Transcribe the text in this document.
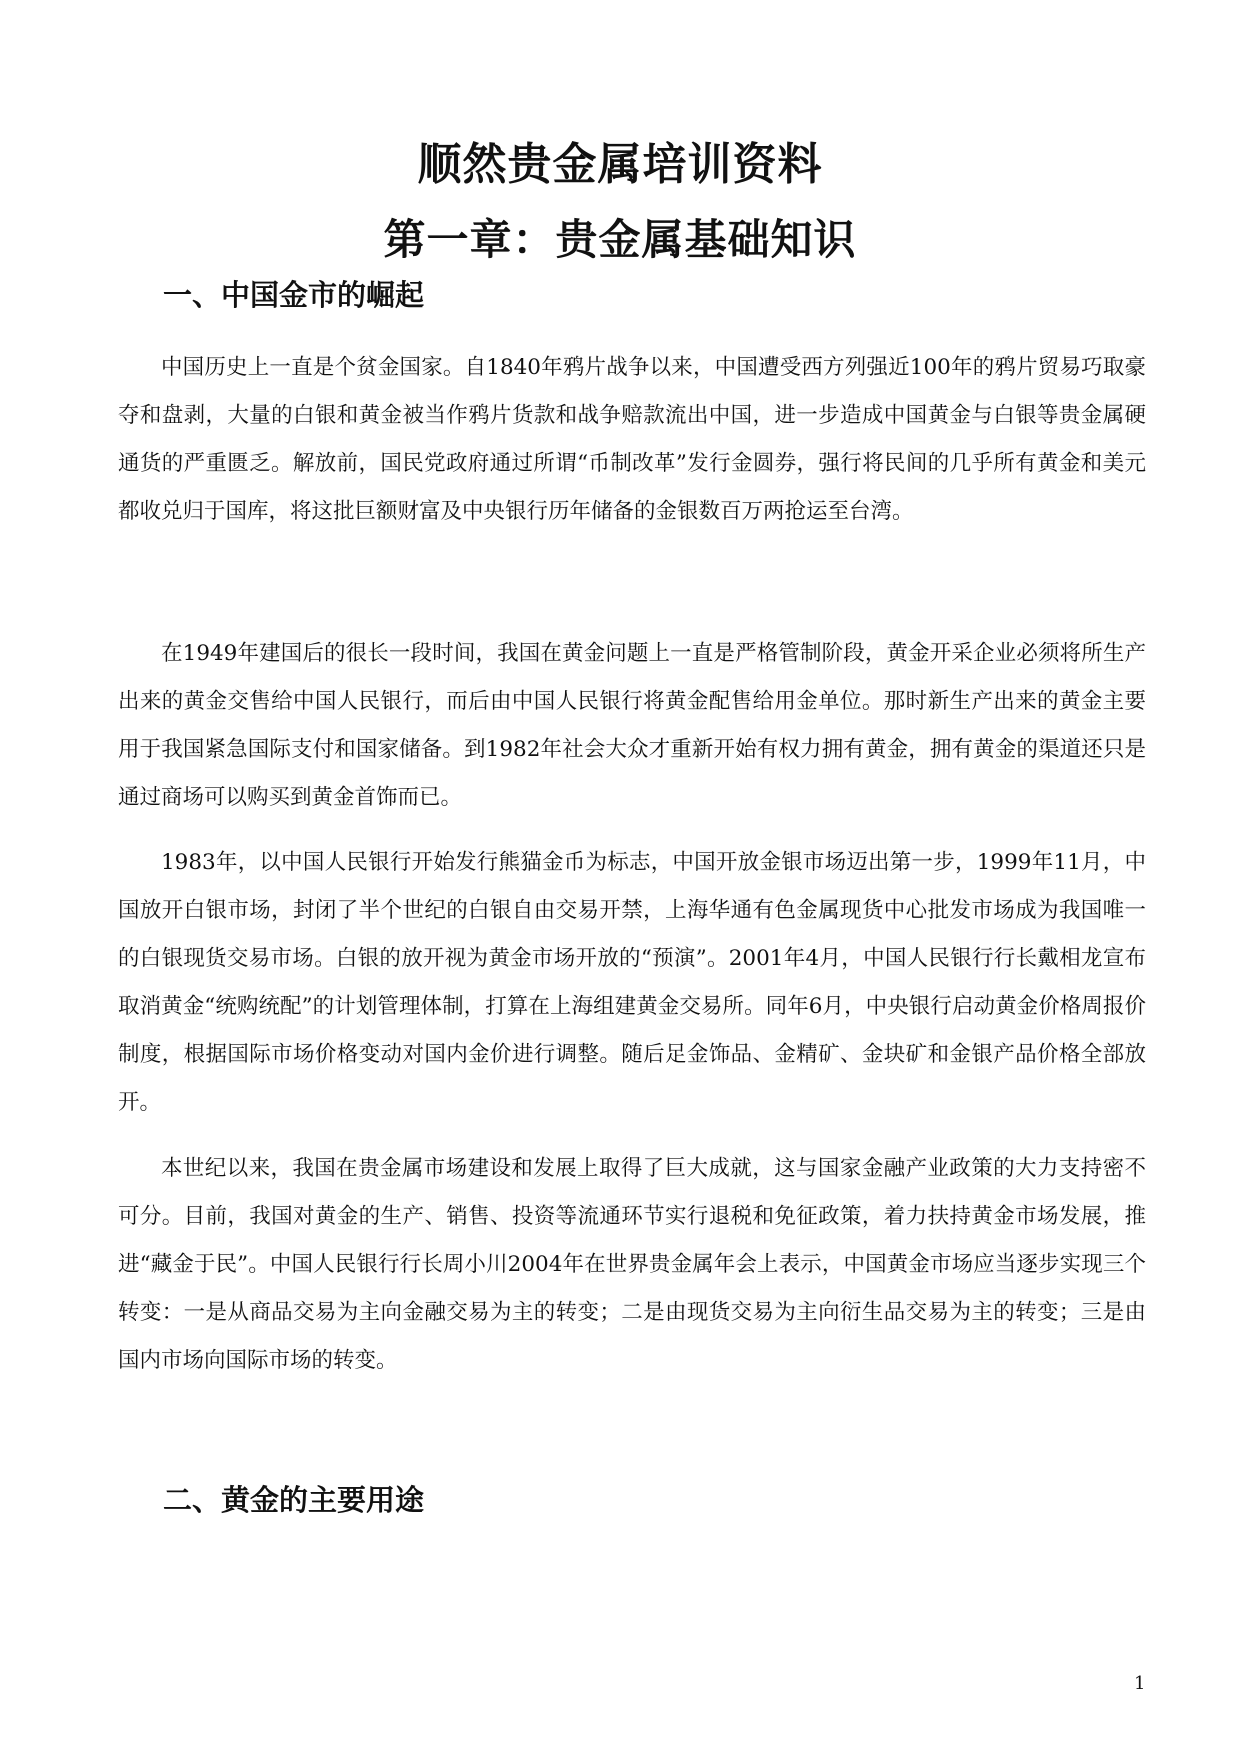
顺然贵金属培训资料
第一章：贵金属基础知识
一、中国金市的崛起

中国历史上一直是个贫金国家。自1840年鸦片战争以来，中国遭受西方列强近100年的鸦片贸易巧取豪夺和盘剥，大量的白银和黄金被当作鸦片货款和战争赔款流出中国，进一步造成中国黄金与白银等贵金属硬通货的严重匮乏。解放前，国民党政府通过所谓“币制改革”发行金圆券，强行将民间的几乎所有黄金和美元都收兑归于国库，将这批巨额财富及中央银行历年储备的金银数百万两抢运至台湾。

在1949年建国后的很长一段时间，我国在黄金问题上一直是严格管制阶段，黄金开采企业必须将所生产出来的黄金交售给中国人民银行，而后由中国人民银行将黄金配售给用金单位。那时新生产出来的黄金主要用于我国紧急国际支付和国家储备。到1982年社会大众才重新开始有权力拥有黄金，拥有黄金的渠道还只是通过商场可以购买到黄金首饰而已。

1983年，以中国人民银行开始发行熊猫金币为标志，中国开放金银市场迈出第一步，1999年11月，中国放开白银市场，封闭了半个世纪的白银自由交易开禁，上海华通有色金属现货中心批发市场成为我国唯一的白银现货交易市场。白银的放开视为黄金市场开放的“预演”。2001年4月，中国人民银行行长戴相龙宣布取消黄金“统购统配”的计划管理体制，打算在上海组建黄金交易所。同年6月，中央银行启动黄金价格周报价制度，根据国际市场价格变动对国内金价进行调整。随后足金饰品、金精矿、金块矿和金银产品价格全部放开。

本世纪以来，我国在贵金属市场建设和发展上取得了巨大成就，这与国家金融产业政策的大力支持密不可分。目前，我国对黄金的生产、销售、投资等流通环节实行退税和免征政策，着力扶持黄金市场发展，推进“藏金于民”。中国人民银行行长周小川2004年在世界贵金属年会上表示，中国黄金市场应当逐步实现三个转变：一是从商品交易为主向金融交易为主的转变；二是由现货交易为主向衍生品交易为主的转变；三是由国内市场向国际市场的转变。

二、黄金的主要用途
1
